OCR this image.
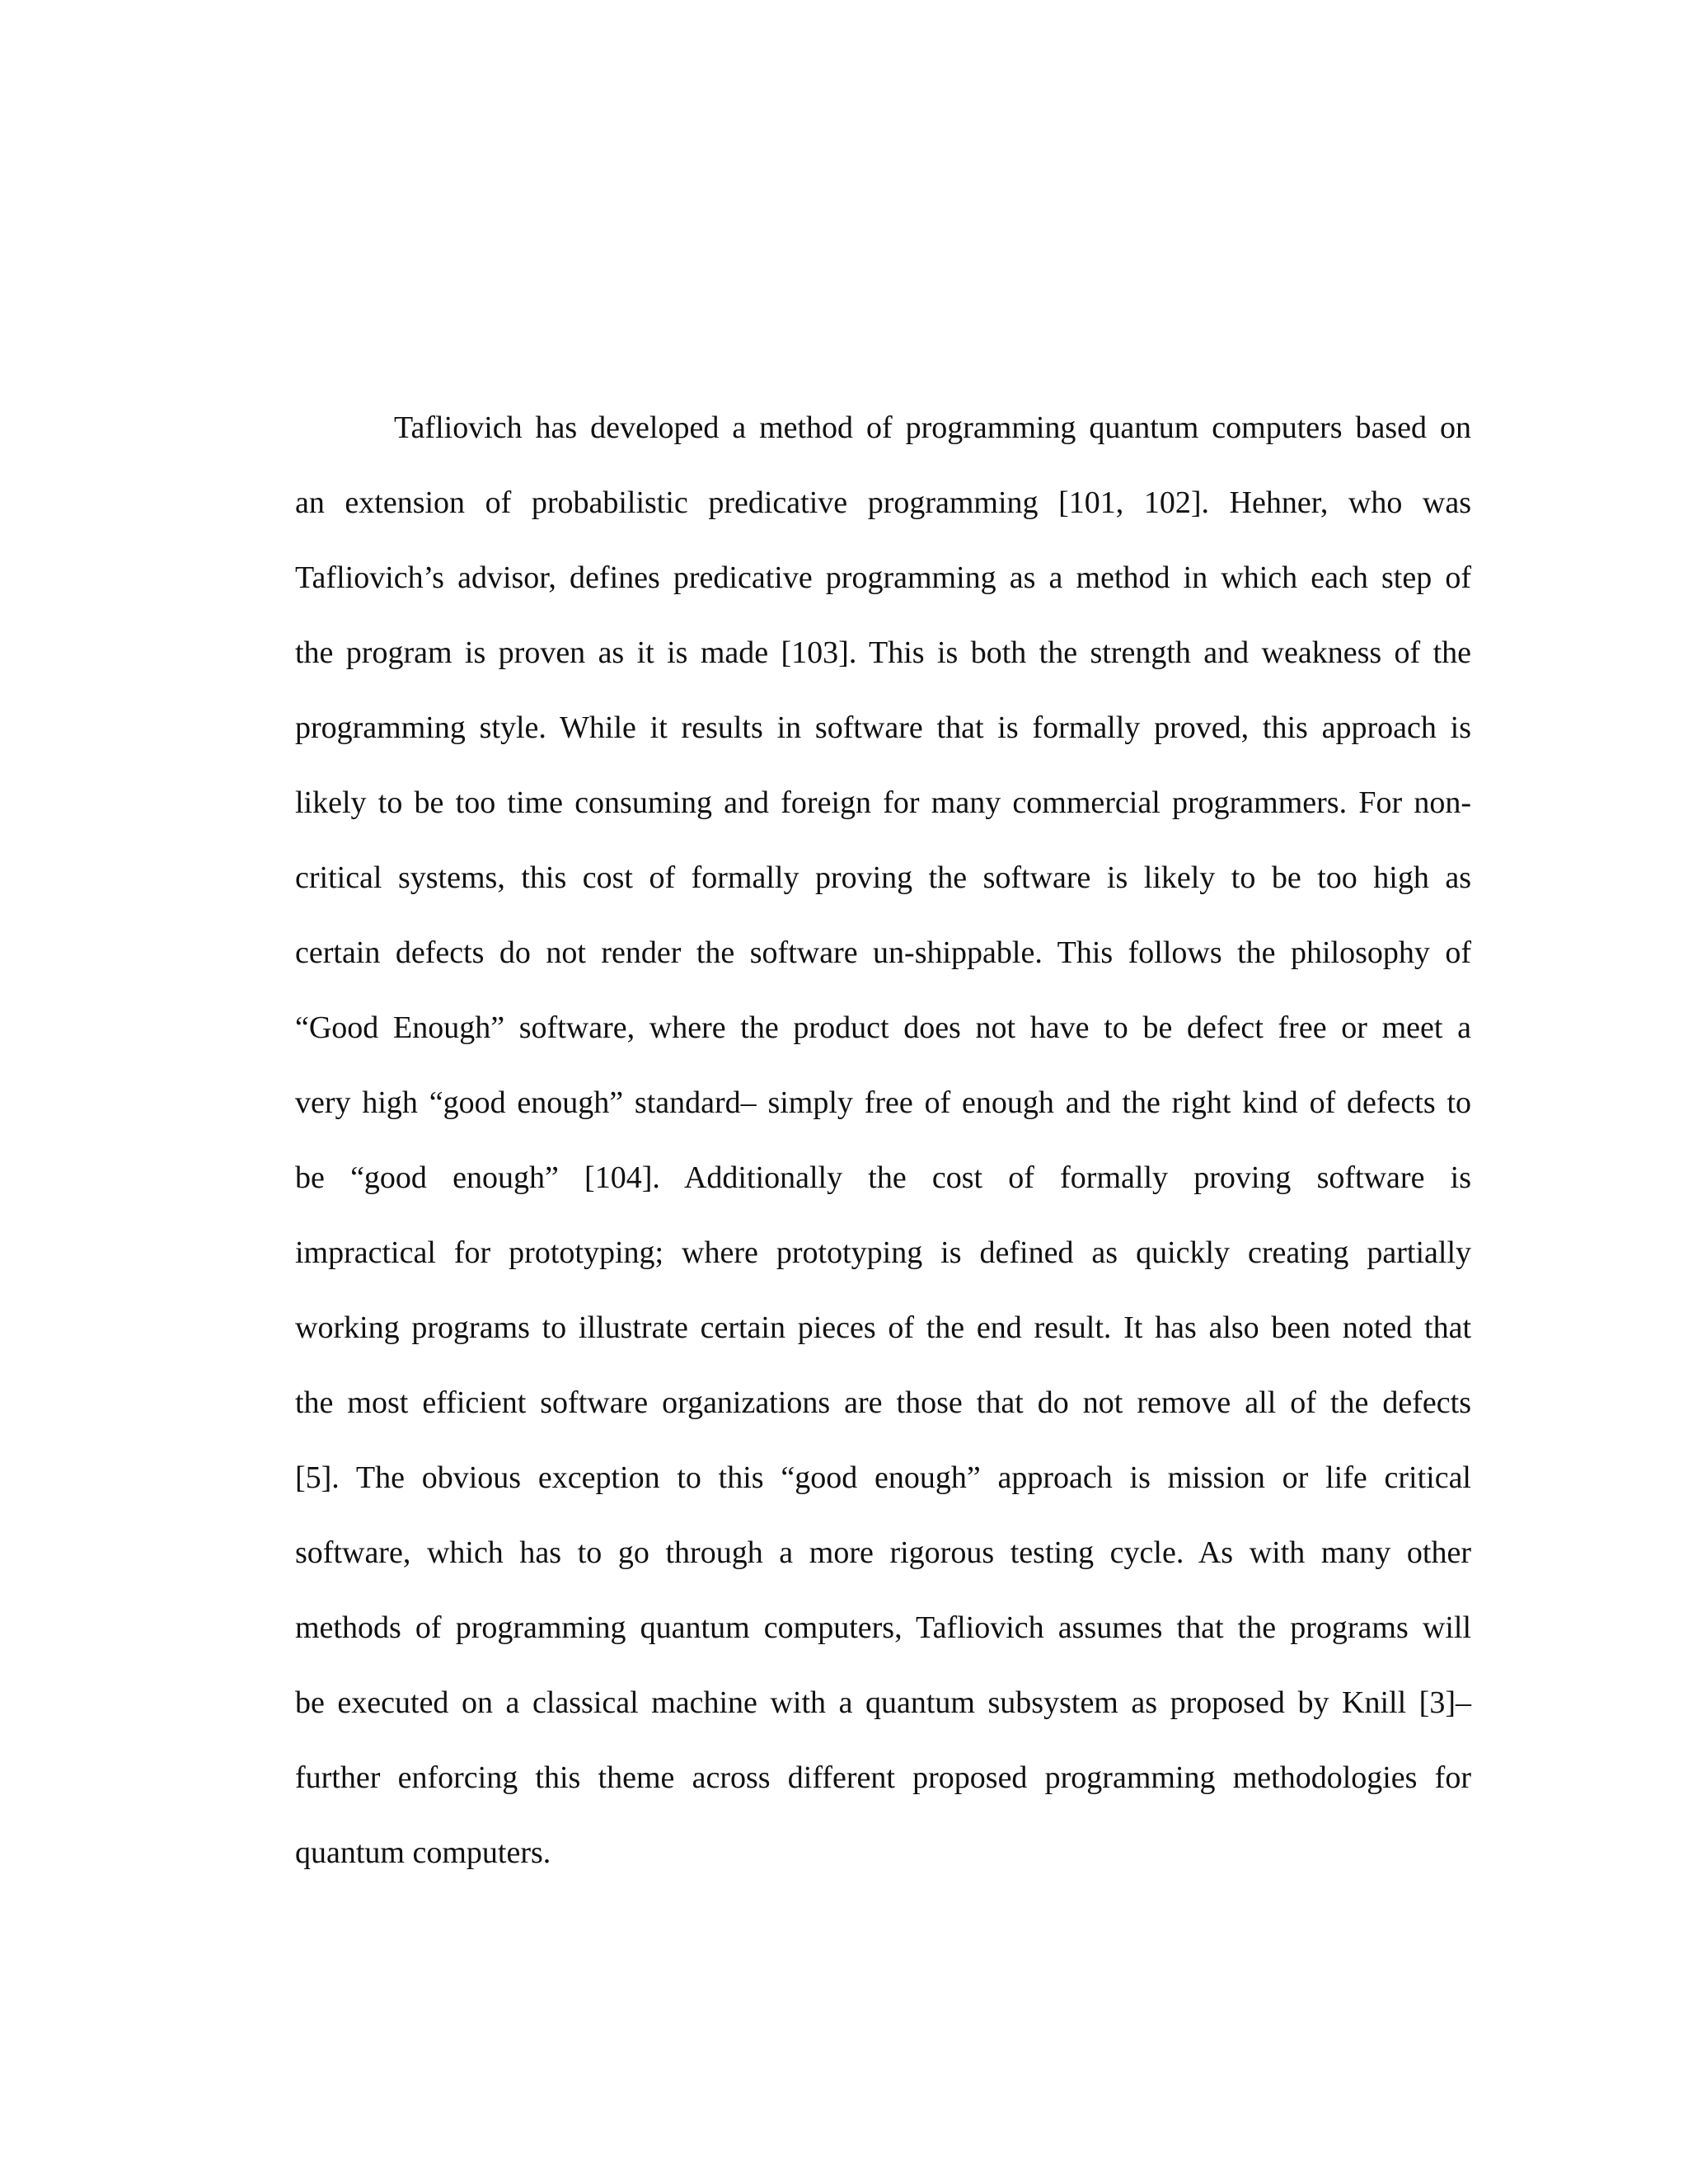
Tafliovich has developed a method of programming quantum computers based on
an extension of probabilistic predicative programming [101, 102]. Hehner, who was
Tafliovich’s advisor, defines predicative programming as a method in which each step of
the program is proven as it is made [103]. This is both the strength and weakness of the
programming style. While it results in software that is formally proved, this approach is
likely to be too time consuming and foreign for many commercial programmers. For non-
critical systems, this cost of formally proving the software is likely to be too high as
certain defects do not render the software un-shippable. This follows the philosophy of
“Good Enough” software, where the product does not have to be defect free or meet a
very high “good enough” standard– simply free of enough and the right kind of defects to
be “good enough” [104]. Additionally the cost of formally proving software is
impractical for prototyping; where prototyping is defined as quickly creating partially
working programs to illustrate certain pieces of the end result. It has also been noted that
the most efficient software organizations are those that do not remove all of the defects
[5]. The obvious exception to this “good enough” approach is mission or life critical
software, which has to go through a more rigorous testing cycle. As with many other
methods of programming quantum computers, Tafliovich assumes that the programs will
be executed on a classical machine with a quantum subsystem as proposed by Knill [3]–
further enforcing this theme across different proposed programming methodologies for
quantum computers.
